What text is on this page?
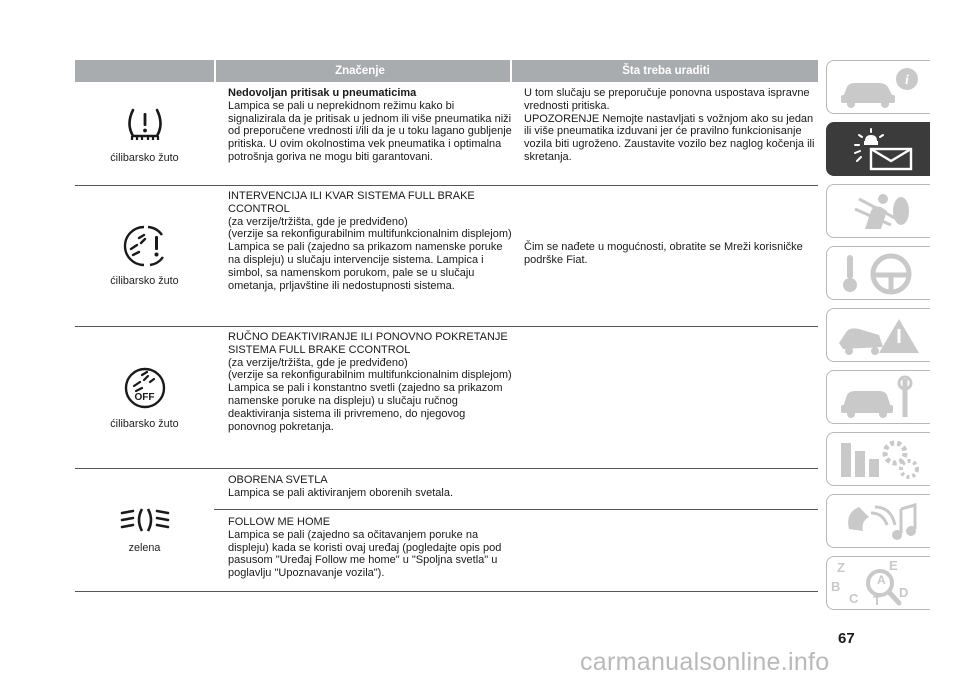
Značenje	Šta treba uraditi
ćilibarsko žuto
Nedovoljan pritisak u pneumaticima
Lampica se pali u neprekidnom režimu kako bi signalizirala da je pritisak u jednom ili više pneumatika niži od preporučene vrednosti i/ili da je u toku lagano gubljenje pritiska. U ovim okolnostima vek pneumatika i optimalna potrošnja goriva ne mogu biti garantovani.
U tom slučaju se preporučuje ponovna uspostava ispravne vrednosti pritiska.
UPOZORENJE Nemojte nastavljati s vožnjom ako su jedan ili više pneumatika izduvani jer će pravilno funkcionisanje vozila biti ugroženo. Zaustavite vozilo bez naglog kočenja ili skretanja.
ćilibarsko žuto
INTERVENCIJA ILI KVAR SISTEMA FULL BRAKE CCONTROL
(za verzije/tržišta, gde je predviđeno)
(verzije sa rekonfigurabilnim multifunkcionalnim displejom)
Lampica se pali (zajedno sa prikazom namenske poruke na displeju) u slučaju intervencije sistema. Lampica i simbol, sa namenskom porukom, pale se u slučaju ometanja, prljavštine ili nedostupnosti sistema.
Čim se nađete u mogućnosti, obratite se Mreži korisničke podrške Fiat.
OFF
ćilibarsko žuto
RUČNO DEAKTIVIRANJE ILI PONOVNO POKRETANJE SISTEMA FULL BRAKE CCONTROL
(za verzije/tržišta, gde je predviđeno)
(verzije sa rekonfigurabilnim multifunkcionalnim displejom)
Lampica se pali i konstantno svetli (zajedno sa prikazom namenske poruke na displeju) u slučaju ručnog deaktiviranja sistema ili privremeno, do njegovog ponovnog pokretanja.
zelena
OBORENA SVETLA
Lampica se pali aktiviranjem oborenih svetala.
FOLLOW ME HOME
Lampica se pali (zajedno sa očitavanjem poruke na displeju) kada se koristi ovaj uređaj (pogledajte opis pod pasusom "Uređaj Follow me home" u "Spoljna svetla" u poglavlju "Upoznavanje vozila").
i
Z	E
A
B
C T
D
67
carmanualsonline.info
